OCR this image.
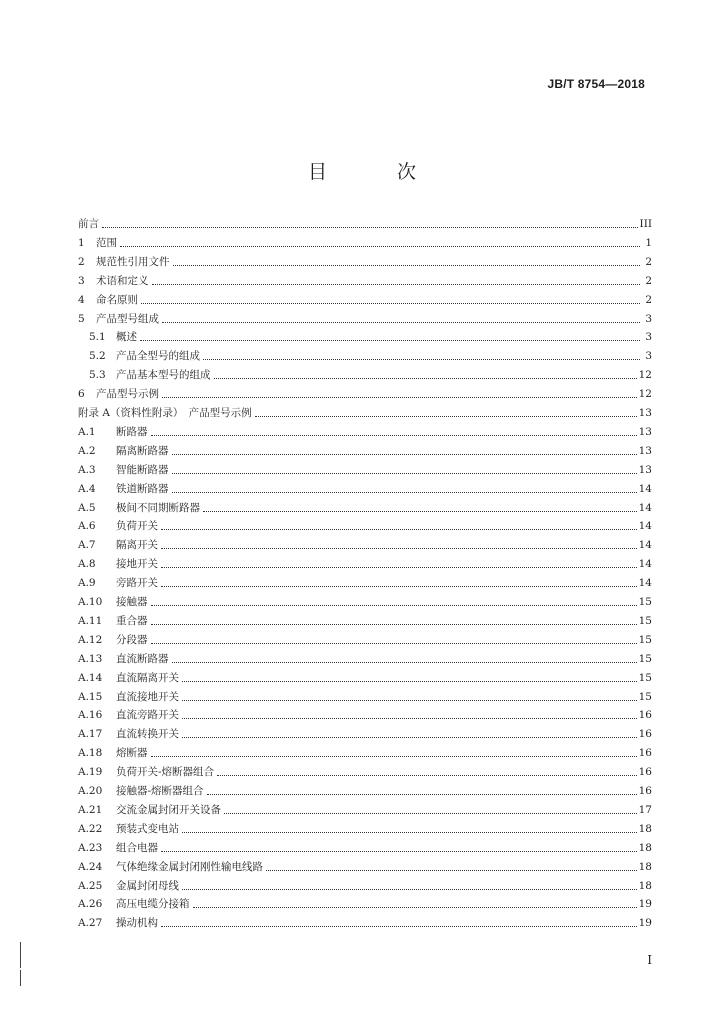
JB/T 8754—2018
目 次
前言	III
1	范围	1
2	规范性引用文件	2
3	术语和定义	2
4	命名原则	2
5	产品型号组成	3
5.1 概述	3
5.2 产品全型号的组成	3
5.3 产品基本型号的组成	12
6	产品型号示例	12
附录 A（资料性附录）　产品型号示例	13
A.1	断路器	13
A.2	隔离断路器	13
A.3	智能断路器	13
A.4	铁道断路器	14
A.5	极间不同期断路器	14
A.6	负荷开关	14
A.7	隔离开关	14
A.8	接地开关	14
A.9	旁路开关	14
A.10	接触器	15
A.11	重合器	15
A.12	分段器	15
A.13	直流断路器	15
A.14	直流隔离开关	15
A.15	直流接地开关	15
A.16	直流旁路开关	16
A.17	直流转换开关	16
A.18	熔断器	16
A.19	负荷开关-熔断器组合	16
A.20	接触器-熔断器组合	16
A.21	交流金属封闭开关设备	17
A.22	预装式变电站	18
A.23	组合电器	18
A.24	气体绝缘金属封闭刚性输电线路	18
A.25	金属封闭母线	18
A.26	高压电缆分接箱	19
A.27	操动机构	19
I
